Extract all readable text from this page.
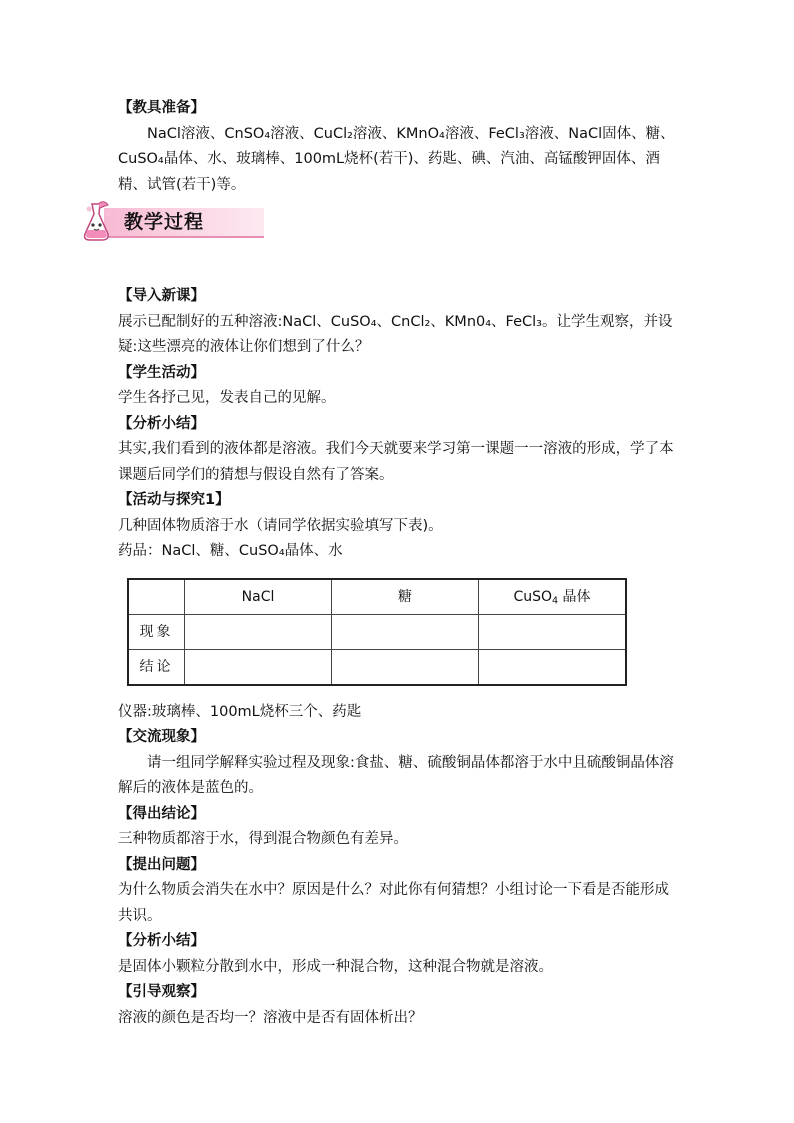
【教具准备】

NaCl溶液、CnSO₄溶液、CuCl₂溶液、KMnO₄溶液、FeCl₃溶液、NaCl固体、糖、CuSO₄晶体、水、玻璃棒、100mL烧杯(若干)、药匙、碘、汽油、高锰酸钾固体、酒精、试管(若干)等。

教学过程
【导入新课】

展示已配制好的五种溶液:NaCl、CuSO₄、CnCl₂、KMn0₄、FeCl₃。让学生观察，并设疑:这些漂亮的液体让你们想到了什么？

【学生活动】

学生各抒己见，发表自己的见解。

【分析小结】

其实,我们看到的液体都是溶液。我们今天就要来学习第一课题一一溶液的形成，学了本课题后同学们的猜想与假设自然有了答案。

【活动与探究1】

几种固体物质溶于水（请同学依据实验填写下表)。

药品：NaCl、糖、CuSO₄晶体、水

	NaCl	糖	CuSO$_4$ 晶体
现象			
结论			

仪器:玻璃棒、100mL烧杯三个、药匙

【交流现象】

请一组同学解释实验过程及现象:食盐、糖、硫酸铜晶体都溶于水中且硫酸铜晶体溶解后的液体是蓝色的。

【得出结论】

三种物质都溶于水，得到混合物颜色有差异。

【提出问题】

为什么物质会消失在水中？原因是什么？对此你有何猜想？小组讨论一下看是否能形成共识。

【分析小结】

是固体小颗粒分散到水中，形成一种混合物，这种混合物就是溶液。

【引导观察】

溶液的颜色是否均一？溶液中是否有固体析出？
